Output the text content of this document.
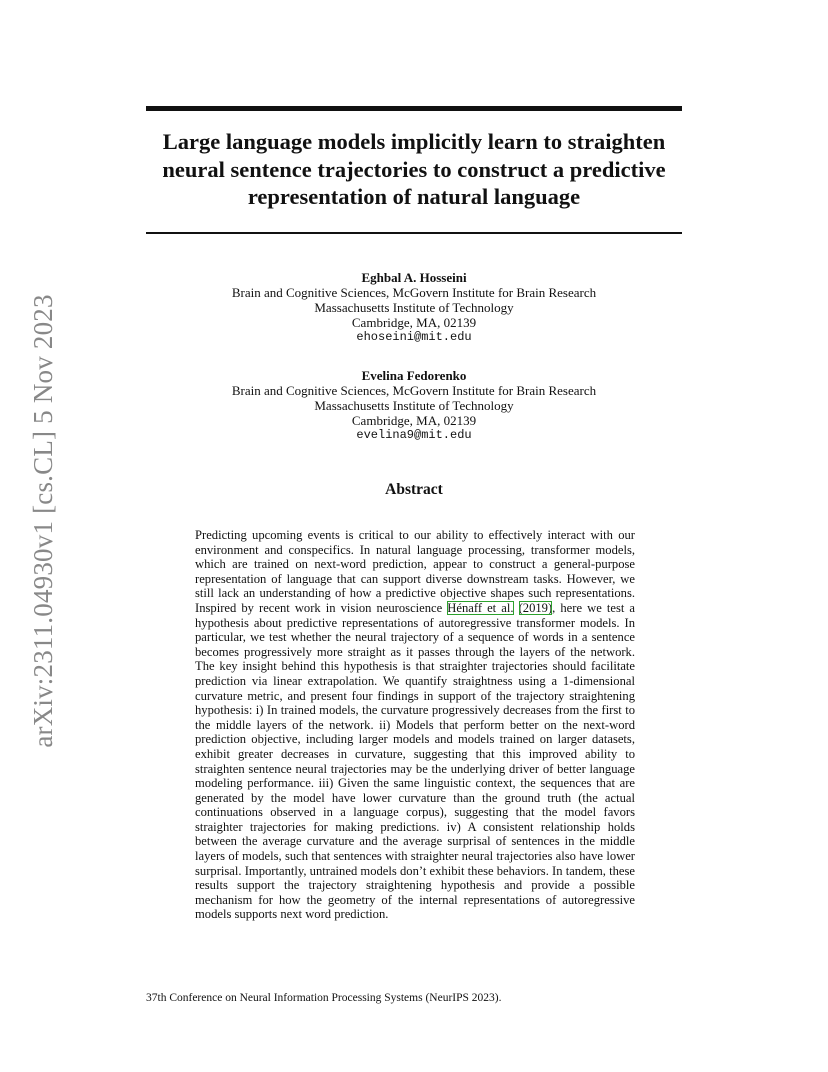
arXiv:2311.04930v1 [cs.CL] 5 Nov 2023
Large language models implicitly learn to straighten neural sentence trajectories to construct a predictive representation of natural language
Eghbal A. Hosseini
Brain and Cognitive Sciences, McGovern Institute for Brain Research
Massachusetts Institute of Technology
Cambridge, MA, 02139
ehoseini@mit.edu
Evelina Fedorenko
Brain and Cognitive Sciences, McGovern Institute for Brain Research
Massachusetts Institute of Technology
Cambridge, MA, 02139
evelina9@mit.edu
Abstract

Predicting upcoming events is critical to our ability to effectively interact with our environment and conspecifics. In natural language processing, transformer models, which are trained on next-word prediction, appear to construct a general-purpose representation of language that can support diverse downstream tasks. However, we still lack an understanding of how a predictive objective shapes such representations. Inspired by recent work in vision neuroscience Hénaff et al. (2019), here we test a hypothesis about predictive representations of autoregressive transformer models. In particular, we test whether the neural trajectory of a sequence of words in a sentence becomes progressively more straight as it passes through the layers of the network. The key insight behind this hypothesis is that straighter trajectories should facilitate prediction via linear extrapolation. We quantify straightness using a 1-dimensional curvature metric, and present four findings in support of the trajectory straightening hypothesis: i) In trained models, the curvature progressively decreases from the first to the middle layers of the network. ii) Models that perform better on the next-word prediction objective, including larger models and models trained on larger datasets, exhibit greater decreases in curvature, suggesting that this improved ability to straighten sentence neural trajectories may be the underlying driver of better language modeling performance. iii) Given the same linguistic context, the sequences that are generated by the model have lower curvature than the ground truth (the actual continuations observed in a language corpus), suggesting that the model favors straighter trajectories for making predictions. iv) A consistent relationship holds between the average curvature and the average surprisal of sentences in the middle layers of models, such that sentences with straighter neural trajectories also have lower surprisal. Importantly, untrained models don’t exhibit these behaviors. In tandem, these results support the trajectory straightening hypothesis and provide a possible mechanism for how the geometry of the internal representations of autoregressive models supports next word prediction.

37th Conference on Neural Information Processing Systems (NeurIPS 2023).
